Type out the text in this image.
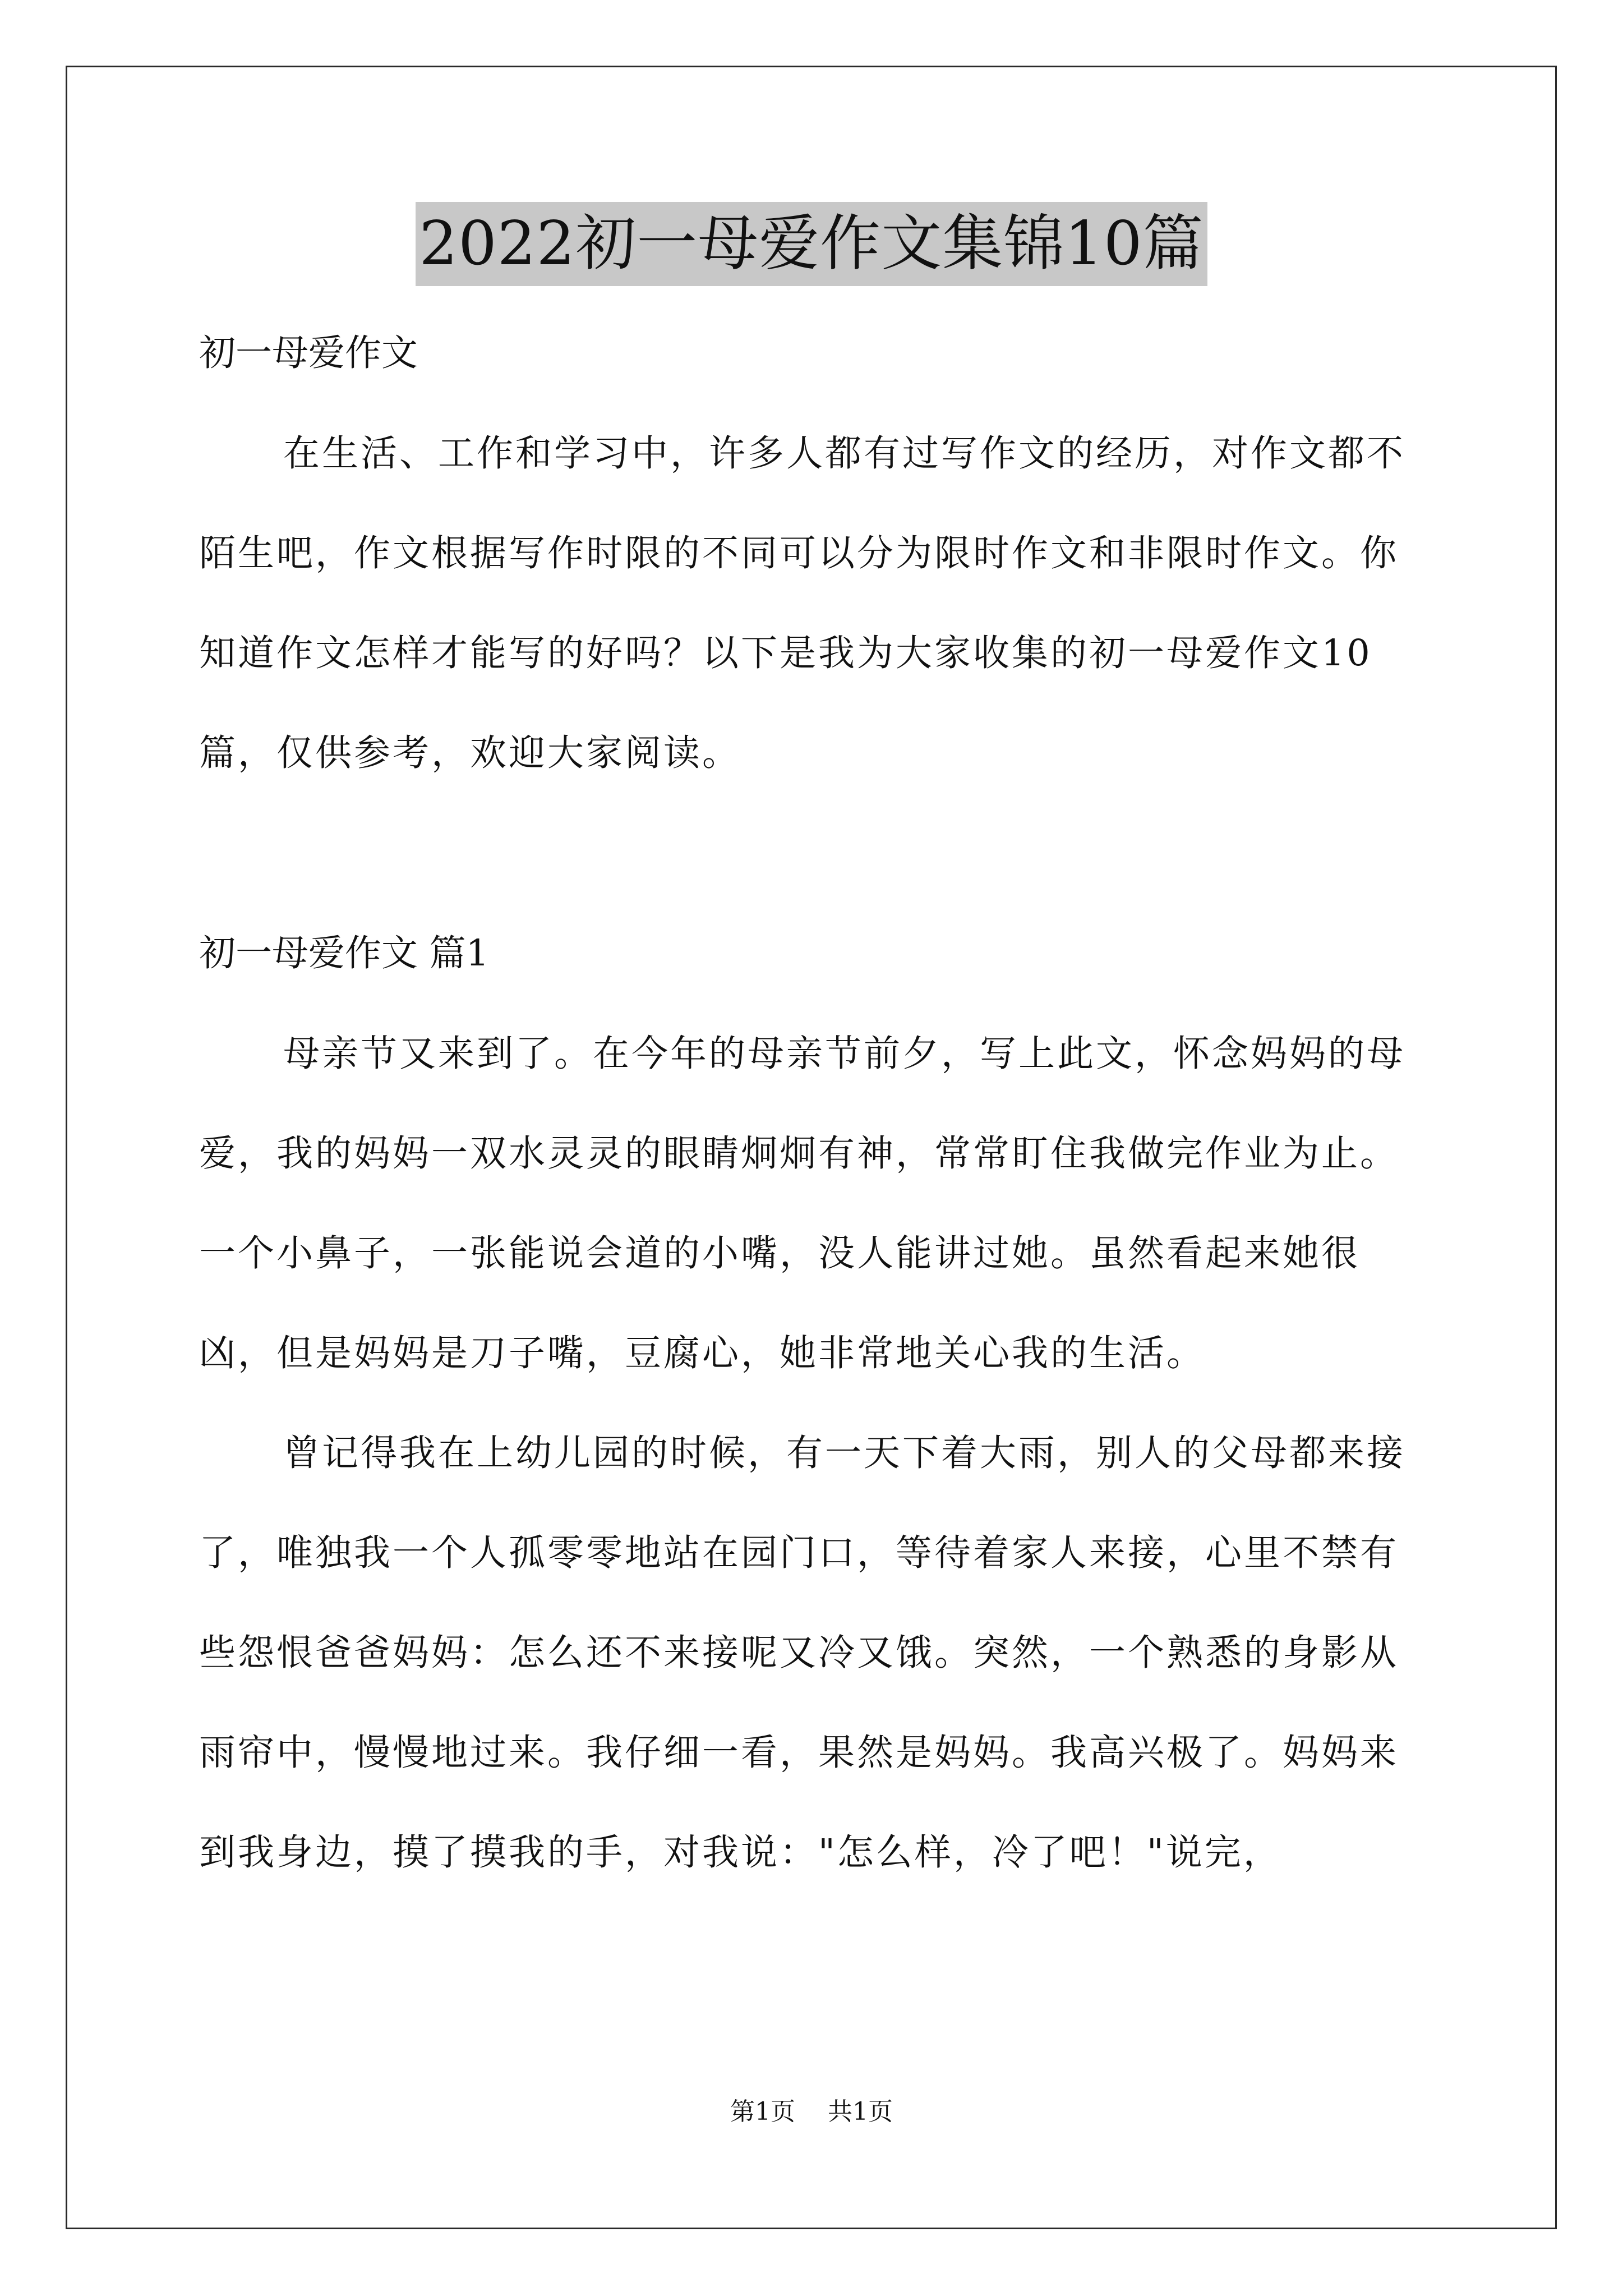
2022初一母爱作文集锦10篇

初一母爱作文

在生活、工作和学习中，许多人都有过写作文的经历，对作文都不陌生吧，作文根据写作时限的不同可以分为限时作文和非限时作文。你知道作文怎样才能写的好吗？以下是我为大家收集的初一母爱作文10篇，仅供参考，欢迎大家阅读。

初一母爱作文 篇1

母亲节又来到了。在今年的母亲节前夕，写上此文，怀念妈妈的母爱，我的妈妈一双水灵灵的眼睛炯炯有神，常常盯住我做完作业为止。一个小鼻子，一张能说会道的小嘴，没人能讲过她。虽然看起来她很凶，但是妈妈是刀子嘴，豆腐心，她非常地关心我的生活。

曾记得我在上幼儿园的时候，有一天下着大雨，别人的父母都来接了，唯独我一个人孤零零地站在园门口，等待着家人来接，心里不禁有些怨恨爸爸妈妈：怎么还不来接呢又冷又饿。突然，一个熟悉的身影从雨帘中，慢慢地过来。我仔细一看，果然是妈妈。我高兴极了。妈妈来到我身边，摸了摸我的手，对我说："怎么样，冷了吧！"说完，

第1页 共1页
